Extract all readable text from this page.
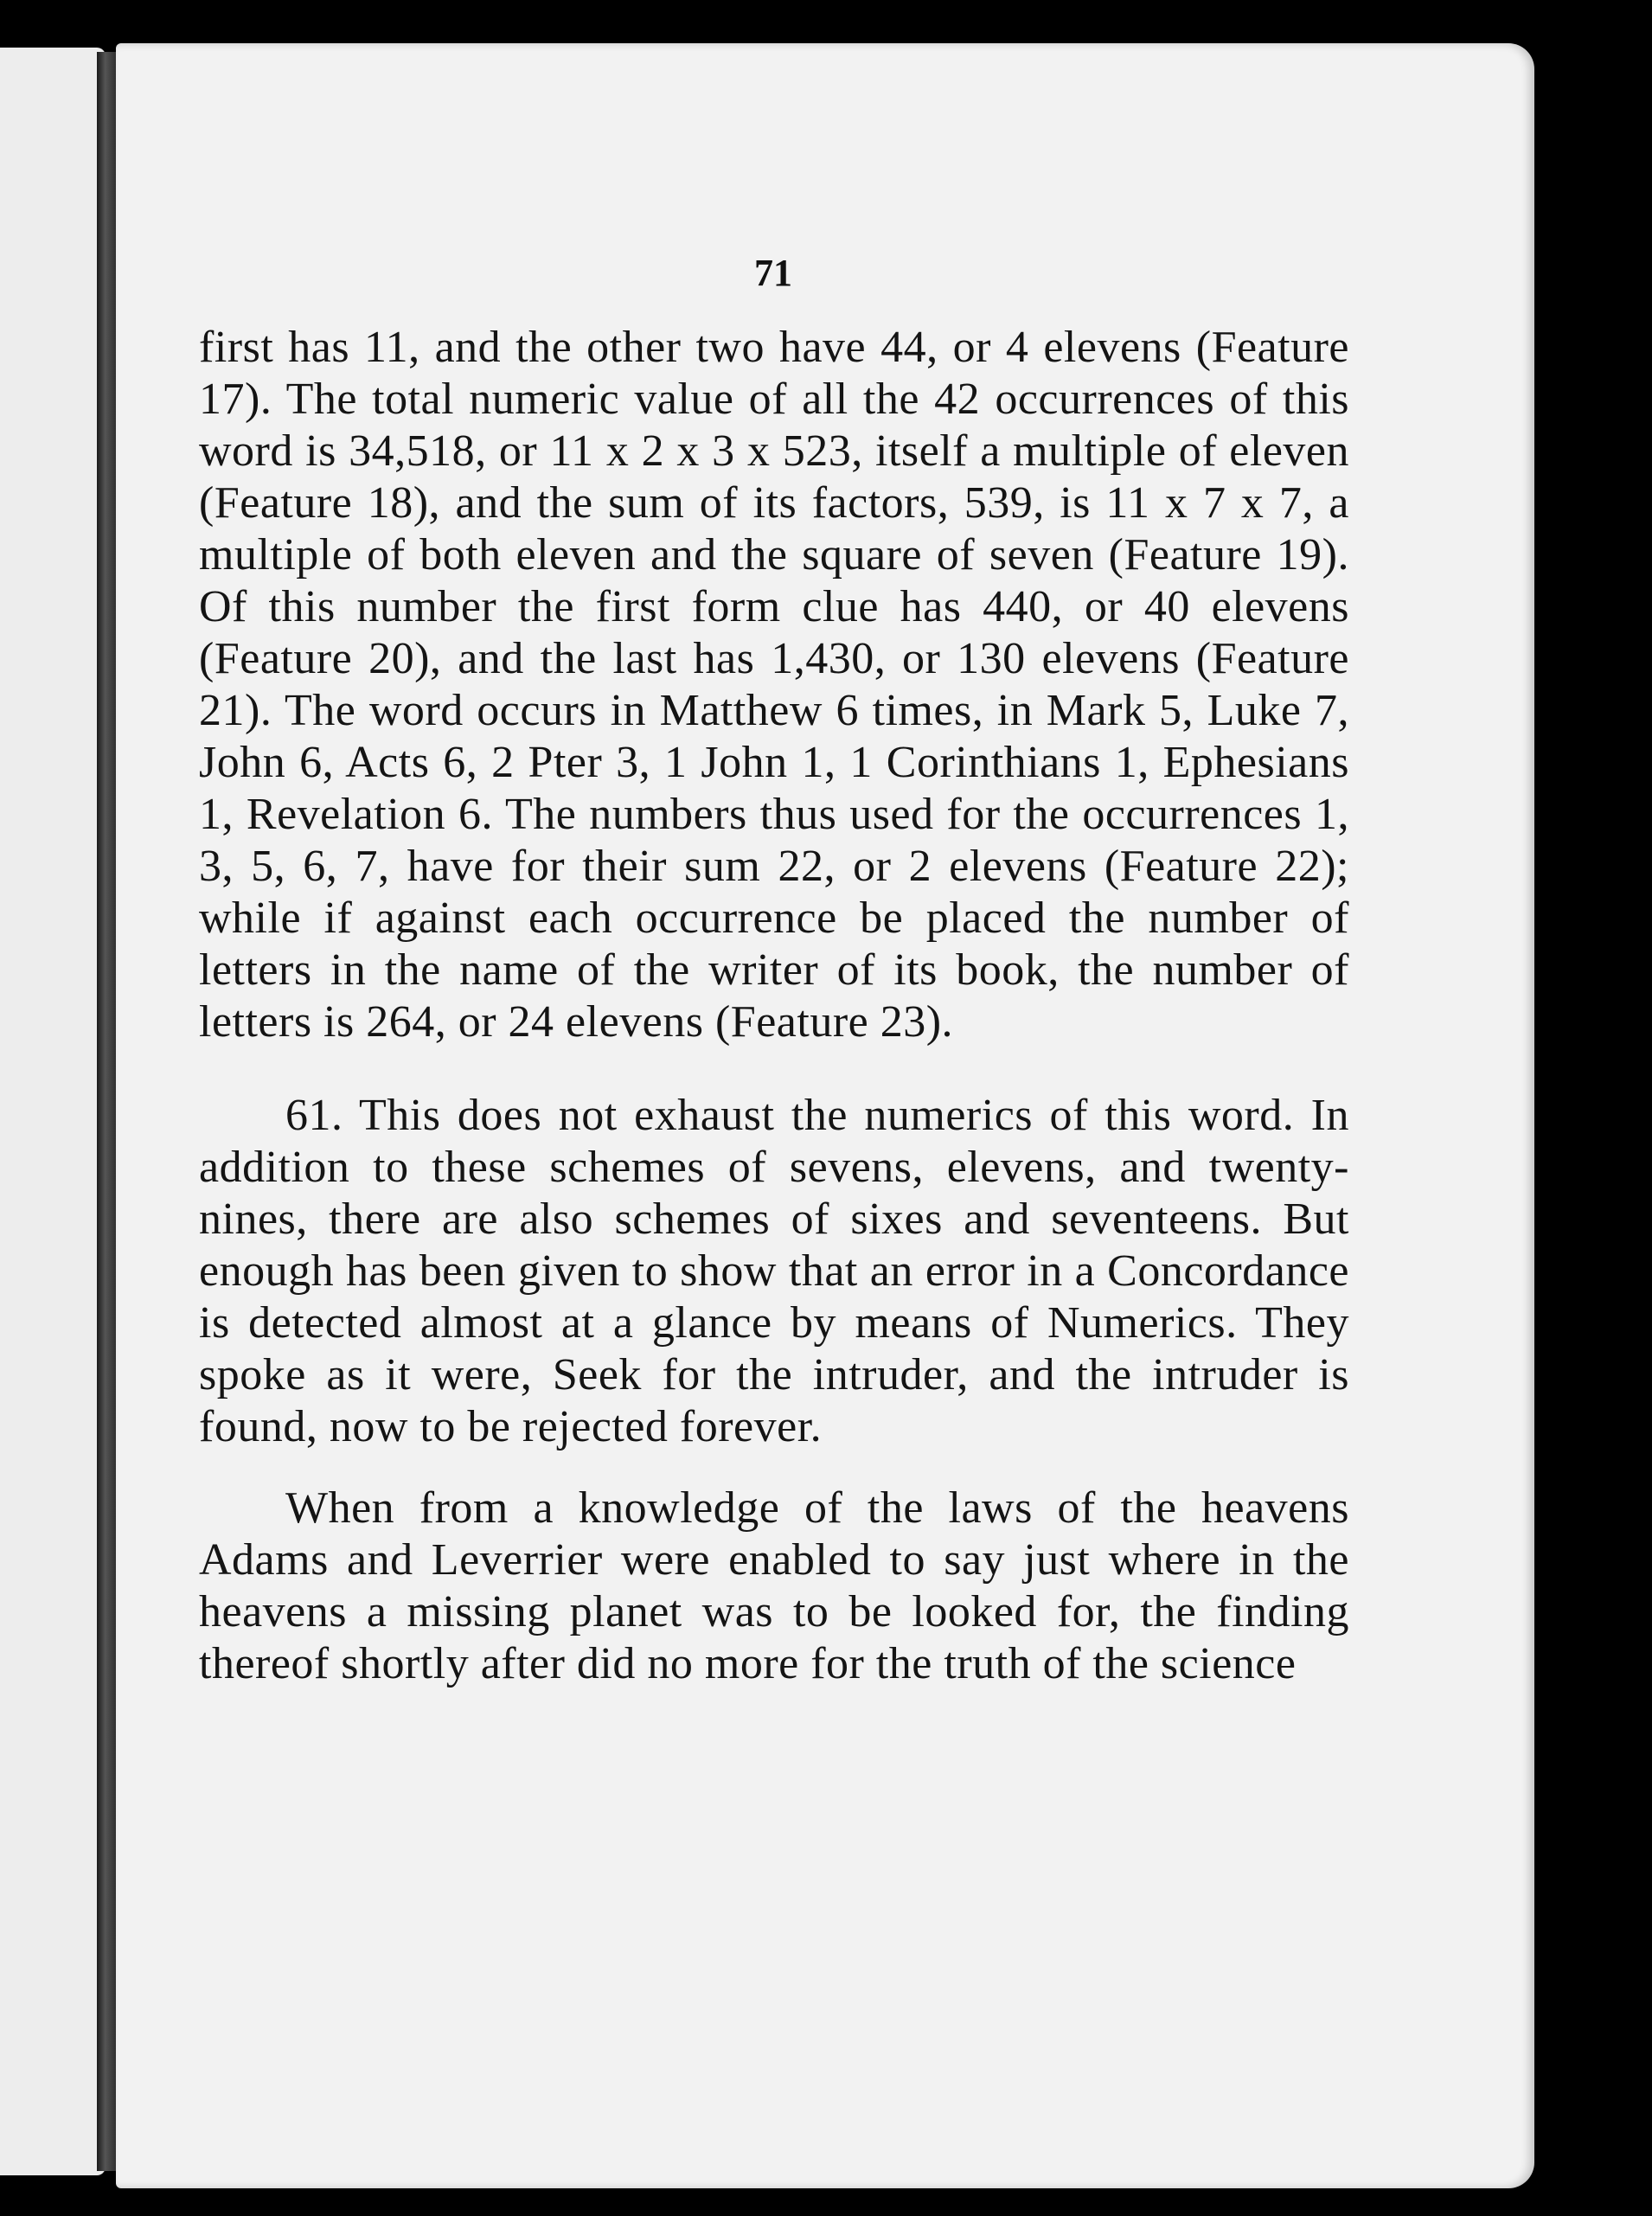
71

first has 11, and the other two have 44, or 4 elevens (Feature 17). The total numeric value of all the 42 occurrences of this word is 34,518, or 11 x 2 x 3 x 523, itself a multiple of eleven (Feature 18), and the sum of its factors, 539, is 11 x 7 x 7, a multiple of both eleven and the square of seven (Feature 19). Of this number the first form clue has 440, or 40 elevens (Feature 20), and the last has 1,430, or 130 elevens (Feature 21). The word occurs in Matthew 6 times, in Mark 5, Luke 7, John 6, Acts 6, 2 Pter 3, 1 John 1, 1 Corinthians 1, Ephesians 1, Revelation 6. The numbers thus used for the occurrences 1, 3, 5, 6, 7, have for their sum 22, or 2 elevens (Feature 22); while if against each occurrence be placed the number of letters in the name of the writer of its book, the number of letters is 264, or 24 elevens (Feature 23).

61. This does not exhaust the numerics of this word. In addition to these schemes of sevens, elevens, and twenty-nines, there are also schemes of sixes and seventeens. But enough has been given to show that an error in a Concordance is detected almost at a glance by means of Numerics. They spoke as it were, Seek for the intruder, and the intruder is found, now to be rejected forever.

When from a knowledge of the laws of the heavens Adams and Leverrier were enabled to say just where in the heavens a missing planet was to be looked for, the finding thereof shortly after did no more for the truth of the science
